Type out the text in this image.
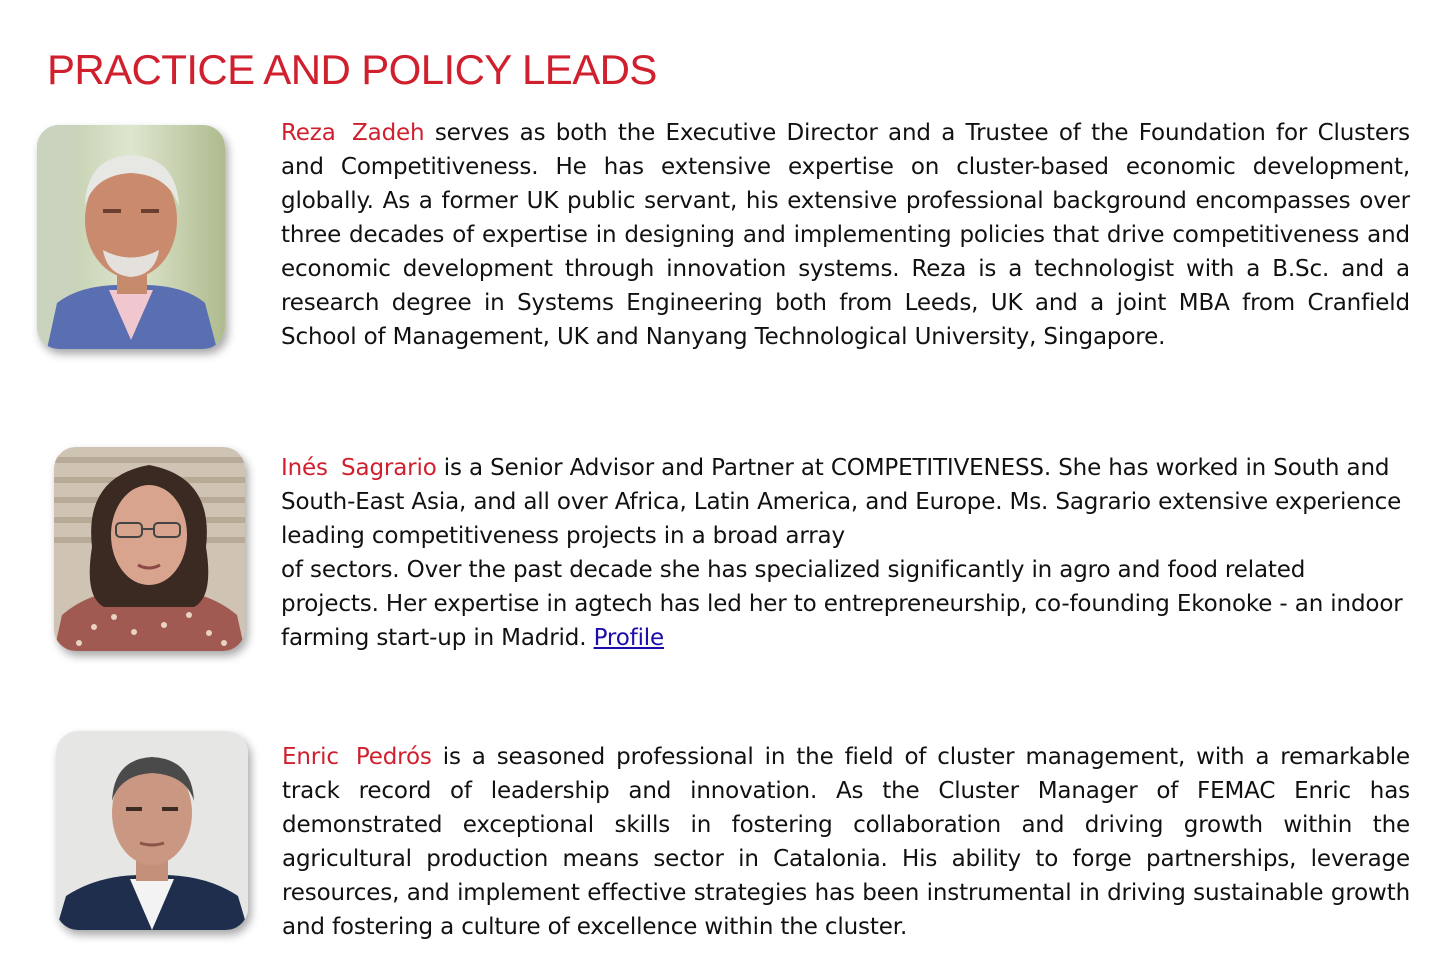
PRACTICE AND POLICY LEADS

Reza Zadeh serves as both the Executive Director and a Trustee of the Foundation for Clusters and Competitiveness. He has extensive expertise on cluster-based economic development, globally. As a former UK public servant, his extensive professional background encompasses over three decades of expertise in designing and implementing policies that drive competitiveness and economic development through innovation systems. Reza is a technologist with a B.Sc. and a research degree in Systems Engineering both from Leeds, UK and a joint MBA from Cranfield School of Management, UK and Nanyang Technological University, Singapore.

Inés Sagrario is a Senior Advisor and Partner at COMPETITIVENESS. She has worked in South and South-East Asia, and all over Africa, Latin America, and Europe. Ms. Sagrario extensive experience leading competitiveness projects in a broad array
of sectors. Over the past decade she has specialized significantly in agro and food related projects. Her expertise in agtech has led her to entrepreneurship, co-founding Ekonoke - an indoor farming start-up in Madrid. Profile

Enric Pedrós is a seasoned professional in the field of cluster management, with a remarkable track record of leadership and innovation. As the Cluster Manager of FEMAC Enric has demonstrated exceptional skills in fostering collaboration and driving growth within the agricultural production means sector in Catalonia. His ability to forge partnerships, leverage resources, and implement effective strategies has been instrumental in driving sustainable growth and fostering a culture of excellence within the cluster.
